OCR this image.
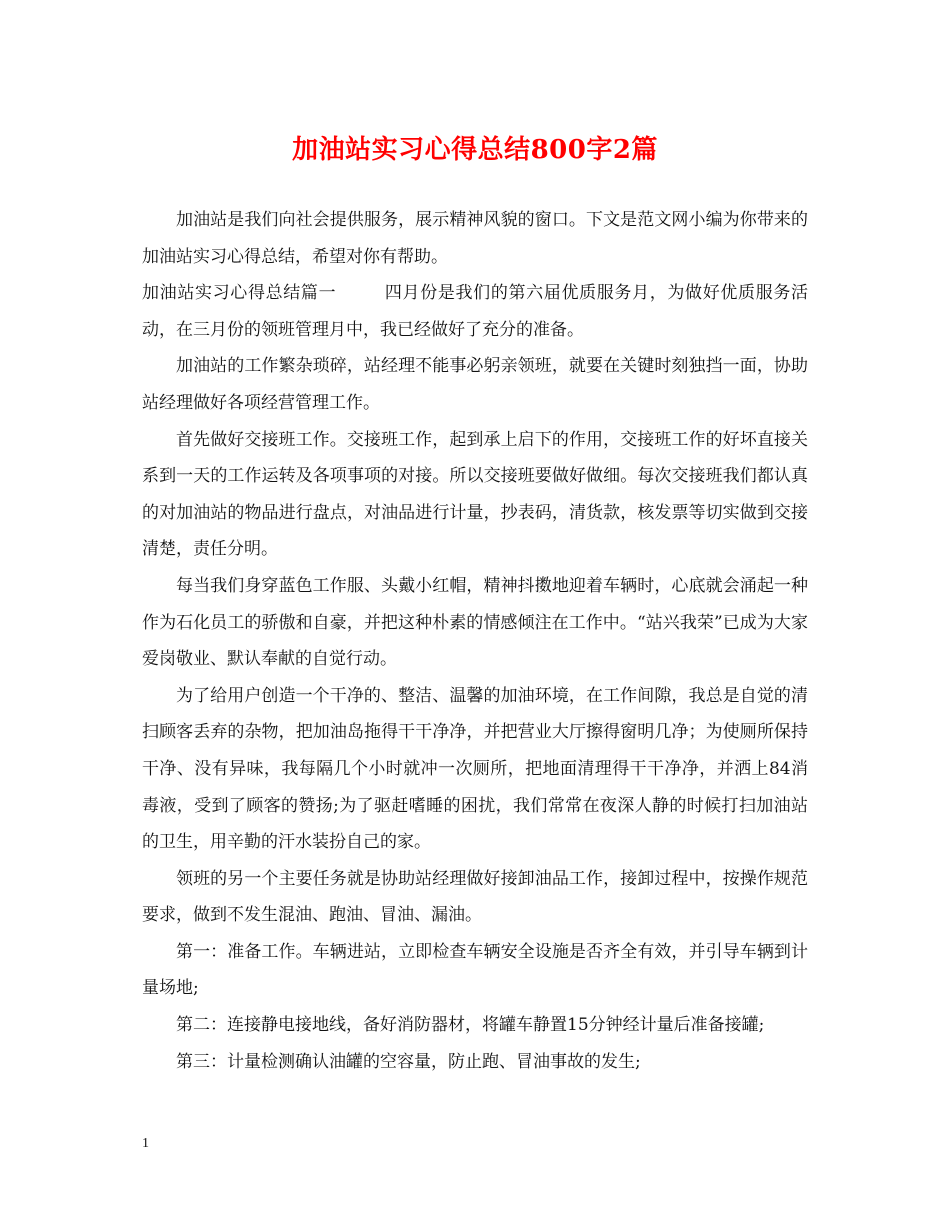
加油站实习心得总结800字2篇

加油站是我们向社会提供服务，展示精神风貌的窗口。下文是范文网小编为你带来的加油站实习心得总结，希望对你有帮助。

加油站实习心得总结篇一	四月份是我们的第六届优质服务月，为做好优质服务活动，在三月份的领班管理月中，我已经做好了充分的准备。

加油站的工作繁杂琐碎，站经理不能事必躬亲领班，就要在关键时刻独挡一面，协助站经理做好各项经营管理工作。

首先做好交接班工作。交接班工作，起到承上启下的作用，交接班工作的好坏直接关系到一天的工作运转及各项事项的对接。所以交接班要做好做细。每次交接班我们都认真的对加油站的物品进行盘点，对油品进行计量，抄表码，清货款，核发票等切实做到交接清楚，责任分明。

每当我们身穿蓝色工作服、头戴小红帽，精神抖擞地迎着车辆时，心底就会涌起一种作为石化员工的骄傲和自豪，并把这种朴素的情感倾注在工作中。“站兴我荣”已成为大家爱岗敬业、默认奉献的自觉行动。

为了给用户创造一个干净的、整洁、温馨的加油环境，在工作间隙，我总是自觉的清扫顾客丢弃的杂物，把加油岛拖得干干净净，并把营业大厅擦得窗明几净；为使厕所保持干净、没有异味，我每隔几个小时就冲一次厕所，把地面清理得干干净净，并洒上84消毒液，受到了顾客的赞扬;为了驱赶嗜睡的困扰，我们常常在夜深人静的时候打扫加油站的卫生，用辛勤的汗水装扮自己的家。

领班的另一个主要任务就是协助站经理做好接卸油品工作，接卸过程中，按操作规范要求，做到不发生混油、跑油、冒油、漏油。

第一：准备工作。车辆进站，立即检查车辆安全设施是否齐全有效，并引导车辆到计量场地;

第二：连接静电接地线，备好消防器材，将罐车静置15分钟经计量后准备接罐;

第三：计量检测确认油罐的空容量，防止跑、冒油事故的发生;

1
